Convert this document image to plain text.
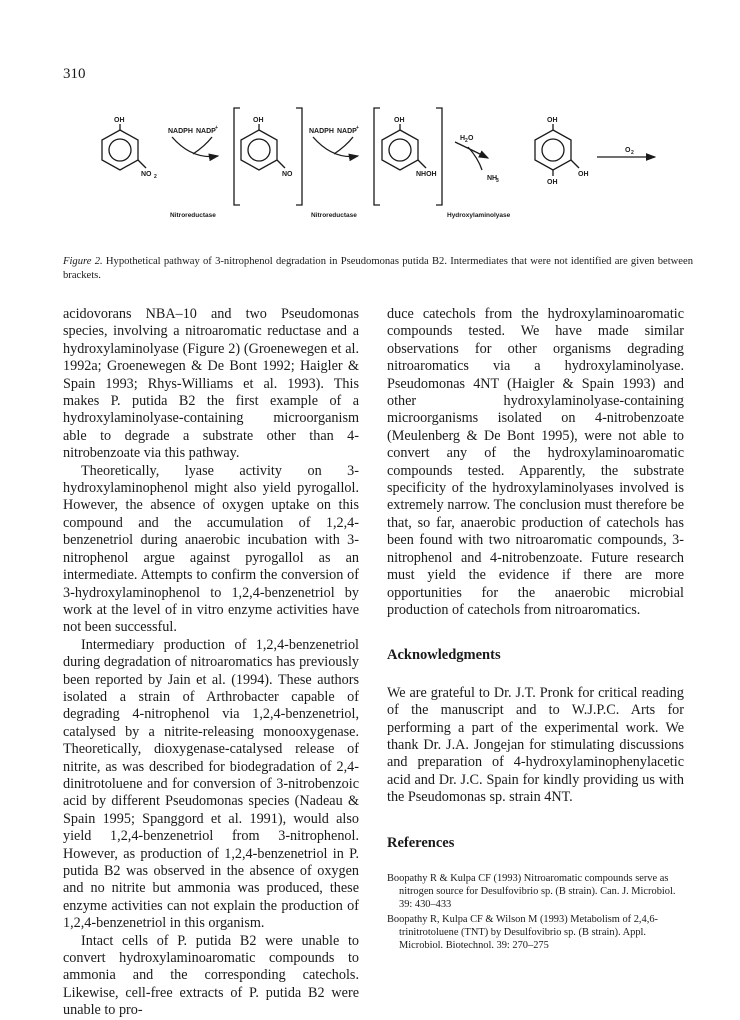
310
OH
NO 2
OH
NO
OH
NHOH
OH
OH
OH
NADPH NADP +	NADPH NADP +
H 2 O
NH
3
O 2
Nitroreductase	Nitroreductase	Hydroxylaminolyase
Figure 2. Hypothetical pathway of 3-nitrophenol degradation in Pseudomonas putida B2. Intermediates that were not identified are given between brackets.

acidovorans NBA–10 and two Pseudomonas species, involving a nitroaromatic reductase and a hydroxylaminolyase (Figure 2) (Groenewegen et al. 1992a; Groenewegen & De Bont 1992; Haigler & Spain 1993; Rhys-Williams et al. 1993). This makes P. putida B2 the first example of a hydroxylaminolyase-containing microorganism able to degrade a substrate other than 4-nitrobenzoate via this pathway.

Theoretically, lyase activity on 3-hydroxylaminophenol might also yield pyrogallol. However, the absence of oxygen uptake on this compound and the accumulation of 1,2,4-benzenetriol during anaerobic incubation with 3-nitrophenol argue against pyrogallol as an intermediate. Attempts to confirm the conversion of 3-hydroxylaminophenol to 1,2,4-benzenetriol by work at the level of in vitro enzyme activities have not been successful.

Intermediary production of 1,2,4-benzenetriol during degradation of nitroaromatics has previously been reported by Jain et al. (1994). These authors isolated a strain of Arthrobacter capable of degrading 4-nitrophenol via 1,2,4-benzenetriol, catalysed by a nitrite-releasing monooxygenase. Theoretically, dioxygenase-catalysed release of nitrite, as was described for biodegradation of 2,4-dinitrotoluene and for conversion of 3-nitrobenzoic acid by different Pseudomonas species (Nadeau & Spain 1995; Spanggord et al. 1991), would also yield 1,2,4-benzenetriol from 3-nitrophenol. However, as production of 1,2,4-benzenetriol in P. putida B2 was observed in the absence of oxygen and no nitrite but ammonia was produced, these enzyme activities can not explain the production of 1,2,4-benzenetriol in this organism.

Intact cells of P. putida B2 were unable to convert hydroxylaminoaromatic compounds to ammonia and the corresponding catechols. Likewise, cell-free extracts of P. putida B2 were unable to pro-

duce catechols from the hydroxylaminoaromatic compounds tested. We have made similar observations for other organisms degrading nitroaromatics via a hydroxylaminolyase. Pseudomonas 4NT (Haigler & Spain 1993) and other hydroxylaminolyase-containing microorganisms isolated on 4-nitrobenzoate (Meulenberg & De Bont 1995), were not able to convert any of the hydroxylaminoaromatic compounds tested. Apparently, the substrate specificity of the hydroxylaminolyases involved is extremely narrow. The conclusion must therefore be that, so far, anaerobic production of catechols has been found with two nitroaromatic compounds, 3-nitrophenol and 4-nitrobenzoate. Future research must yield the evidence if there are more opportunities for the anaerobic microbial production of catechols from nitroaromatics.

Acknowledgments

We are grateful to Dr. J.T. Pronk for critical reading of the manuscript and to W.J.P.C. Arts for performing a part of the experimental work. We thank Dr. J.A. Jongejan for stimulating discussions and preparation of 4-hydroxylaminophenylacetic acid and Dr. J.C. Spain for kindly providing us with the Pseudomonas sp. strain 4NT.

References

Boopathy R & Kulpa CF (1993) Nitroaromatic compounds serve as nitrogen source for Desulfovibrio sp. (B strain). Can. J. Microbiol. 39: 430–433

Boopathy R, Kulpa CF & Wilson M (1993) Metabolism of 2,4,6-trinitrotoluene (TNT) by Desulfovibrio sp. (B strain). Appl. Microbiol. Biotechnol. 39: 270–275
